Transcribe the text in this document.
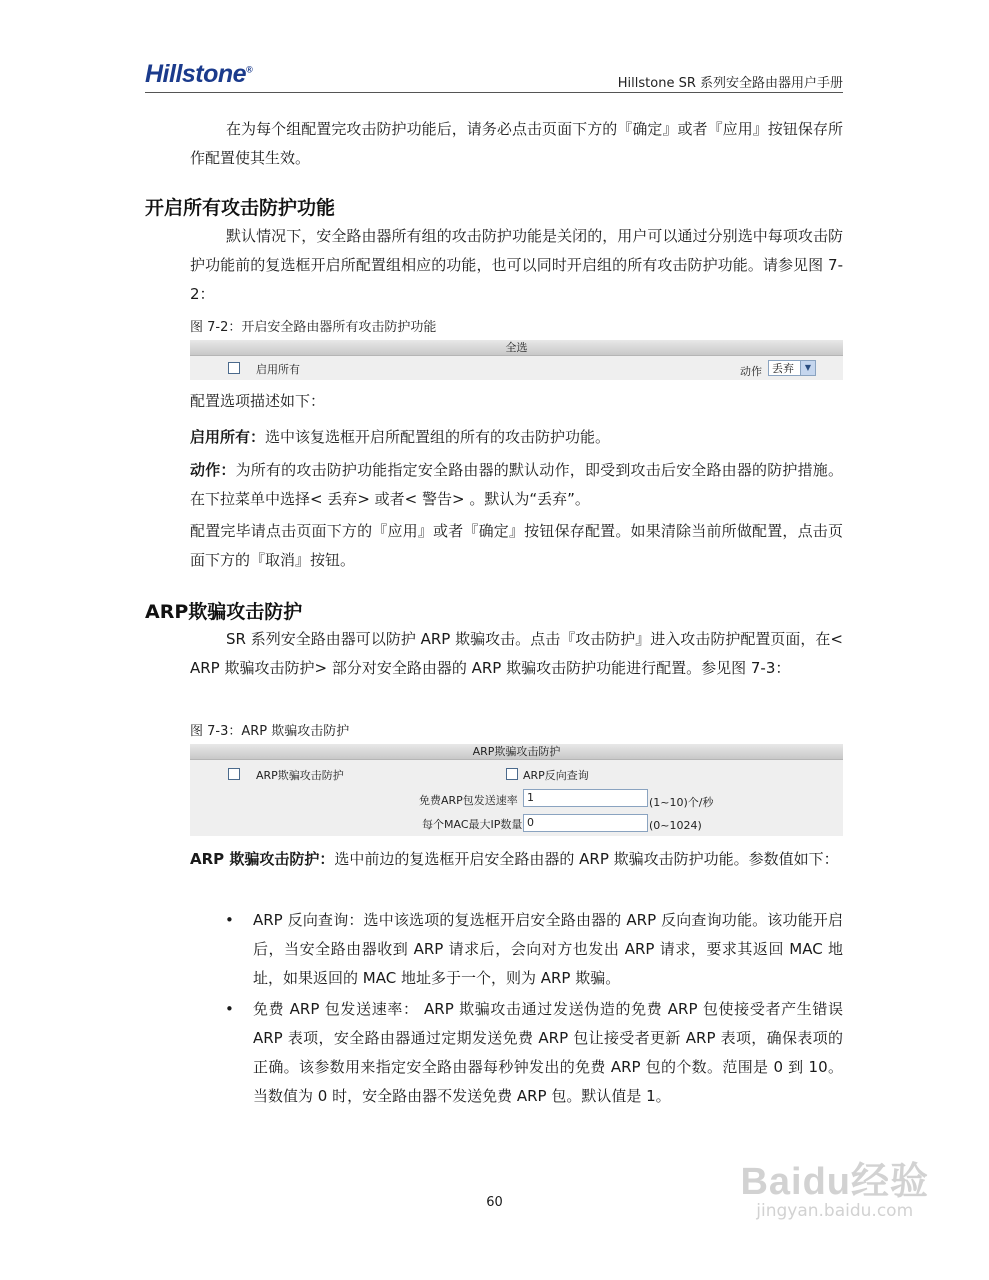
Hillstone®
Hillstone SR 系列安全路由器用户手册

在为每个组配置完攻击防护功能后，请务必点击页面下方的『确定』或者『应用』按钮保存所作配置使其生效。

开启所有攻击防护功能

默认情况下，安全路由器所有组的攻击防护功能是关闭的，用户可以通过分别选中每项攻击防护功能前的复选框开启所配置组相应的功能，也可以同时开启组的所有攻击防护功能。请参见图 7-2：

图 7-2：开启安全路由器所有攻击防护功能
全选
启用所有	动作 丢弃	▼

配置选项描述如下：

启用所有：选中该复选框开启所配置组的所有的攻击防护功能。

动作：为所有的攻击防护功能指定安全路由器的默认动作，即受到攻击后安全路由器的防护措施。在下拉菜单中选择< 丢弃> 或者< 警告> 。默认为“丢弃”。

配置完毕请点击页面下方的『应用』或者『确定』按钮保存配置。如果清除当前所做配置，点击页面下方的『取消』按钮。

ARP欺骗攻击防护

SR 系列安全路由器可以防护 ARP 欺骗攻击。点击『攻击防护』进入攻击防护配置页面，在< ARP 欺骗攻击防护> 部分对安全路由器的 ARP 欺骗攻击防护功能进行配置。参见图 7-3：

图 7-3：ARP 欺骗攻击防护
ARP欺骗攻击防护
ARP欺骗攻击防护	ARP反向查询
免费ARP包发送速率 1	(1~10)个/秒
每个MAC最大IP数量 0	(0~1024)

ARP 欺骗攻击防护：选中前边的复选框开启安全路由器的 ARP 欺骗攻击防护功能。参数值如下：

• ARP 反向查询：选中该选项的复选框开启安全路由器的 ARP 反向查询功能。该功能开启后，当安全路由器收到 ARP 请求后，会向对方也发出 ARP 请求，要求其返回 MAC 地址，如果返回的 MAC 地址多于一个，则为 ARP 欺骗。

• 免费 ARP 包发送速率： ARP 欺骗攻击通过发送伪造的免费 ARP 包使接受者产生错误 ARP 表项，安全路由器通过定期发送免费 ARP 包让接受者更新 ARP 表项，确保表项的正确。该参数用来指定安全路由器每秒钟发出的免费 ARP 包的个数。范围是 0 到 10。当数值为 0 时，安全路由器不发送免费 ARP 包。默认值是 1。

60	Baidu经验
jingyan.baidu.com
